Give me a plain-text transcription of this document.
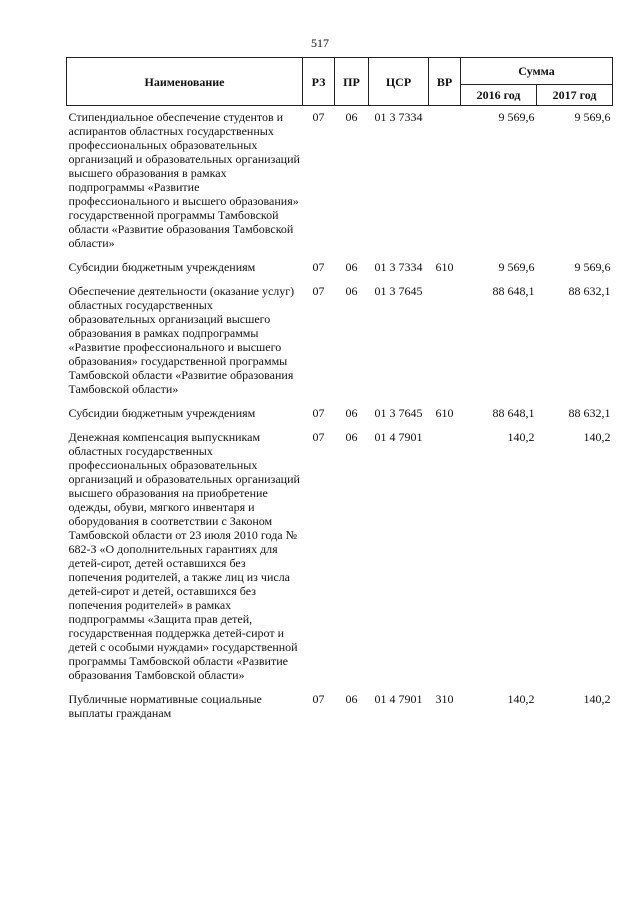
517
Наименование	РЗ	ПР	ЦСР	ВР	Сумма	
					2016 год	2017 год
Стипендиальное обеспечение студентов и аспирантов областных государственных профессиональных образовательных организаций и образовательных организаций высшего образования в рамках подпрограммы «Развитие профессионального и высшего образования» государственной программы Тамбовской области «Развитие образования Тамбовской области»	07	06	01 3 7334		9 569,6	9 569,6
Субсидии бюджетным учреждениям	07	06	01 3 7334	610	9 569,6	9 569,6
Обеспечение деятельности (оказание услуг) областных государственных образовательных организаций высшего образования в рамках подпрограммы «Развитие профессионального и высшего образования» государственной программы Тамбовской области «Развитие образования Тамбовской области»	07	06	01 3 7645		88 648,1	88 632,1
Субсидии бюджетным учреждениям	07	06	01 3 7645	610	88 648,1	88 632,1
Денежная компенсация выпускникам областных государственных профессиональных образовательных организаций и образовательных организаций высшего образования на приобретение одежды, обуви, мягкого инвентаря и оборудования в соответствии с Законом Тамбовской области от 23 июля 2010 года № 682-З «О дополнительных гарантиях для детей-сирот, детей оставшихся без попечения родителей, а также лиц из числа детей-сирот и детей, оставшихся без попечения родителей» в рамках подпрограммы «Защита прав детей, государственная поддержка детей-сирот и детей с особыми нуждами» государственной программы Тамбовской области «Развитие образования Тамбовской области»	07	06	01 4 7901		140,2	140,2
Публичные нормативные социальные выплаты гражданам	07	06	01 4 7901	310	140,2	140,2
